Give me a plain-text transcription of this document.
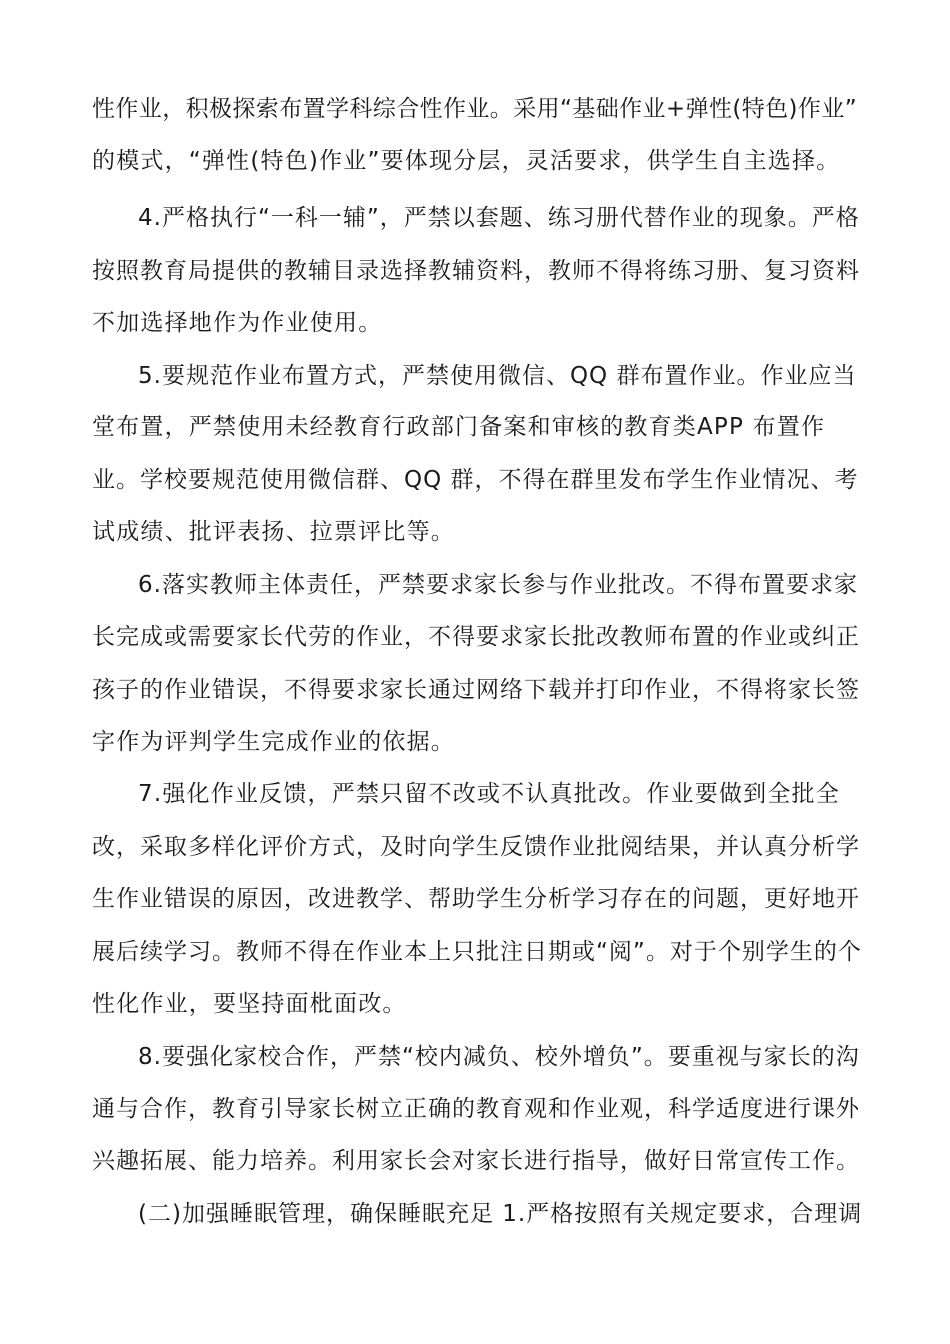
性作业，积极探索布置学科综合性作业。采用“基础作业+弹性(特色)作业”
的模式，“弹性(特色)作业”要体现分层，灵活要求，供学生自主选择。
4.严格执行“一科一辅”，严禁以套题、练习册代替作业的现象。严格
按照教育局提供的教辅目录选择教辅资料，教师不得将练习册、复习资料
不加选择地作为作业使用。
5.要规范作业布置方式，严禁使用微信、QQ 群布置作业。作业应当
堂布置，严禁使用未经教育行政部门备案和审核的教育类APP 布置作
业。学校要规范使用微信群、QQ 群，不得在群里发布学生作业情况、考
试成绩、批评表扬、拉票评比等。
6.落实教师主体责任，严禁要求家长参与作业批改。不得布置要求家
长完成或需要家长代劳的作业，不得要求家长批改教师布置的作业或纠正
孩子的作业错误，不得要求家长通过网络下载并打印作业，不得将家长签
字作为评判学生完成作业的依据。
7.强化作业反馈，严禁只留不改或不认真批改。作业要做到全批全
改，采取多样化评价方式，及时向学生反馈作业批阅结果，并认真分析学
生作业错误的原因，改进教学、帮助学生分析学习存在的问题，更好地开
展后续学习。教师不得在作业本上只批注日期或“阅”。对于个别学生的个
性化作业，要坚持面枇面改。
8.要强化家校合作，严禁“校内减负、校外增负”。要重视与家长的沟
通与合作，教育引导家长树立正确的教育观和作业观，科学适度进行课外
兴趣拓展、能力培养。利用家长会对家长进行指导，做好日常宣传工作。
(二)加强睡眠管理，确保睡眠充足 1.严格按照有关规定要求，合理调
